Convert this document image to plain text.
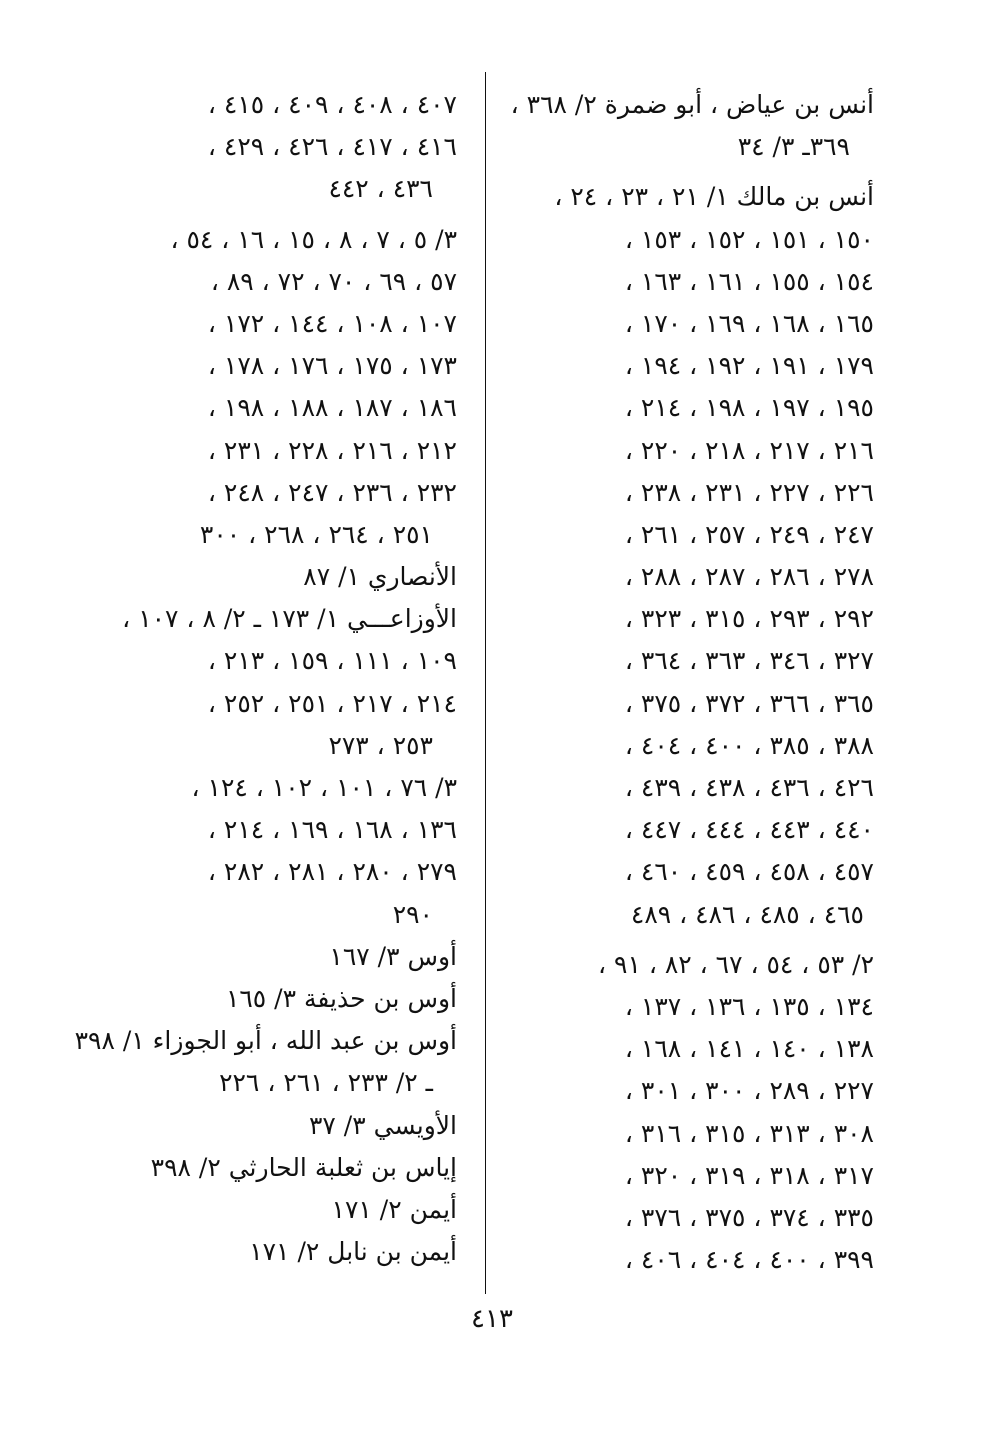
أنس بن عياض ، أبو ضمرة ٢/ ٣٦٨ ،
٣٦٩ـ ٣/ ٣٤
أنس بن مالك ١/ ٢١ ، ٢٣ ، ٢٤ ،
١٥٠ ، ١٥١ ، ١٥٢ ، ١٥٣ ،
١٥٤ ، ١٥٥ ، ١٦١ ، ١٦٣ ،
١٦٥ ، ١٦٨ ، ١٦٩ ، ١٧٠ ،
١٧٩ ، ١٩١ ، ١٩٢ ، ١٩٤ ،
١٩٥ ، ١٩٧ ، ١٩٨ ، ٢١٤ ،
٢١٦ ، ٢١٧ ، ٢١٨ ، ٢٢٠ ،
٢٢٦ ، ٢٢٧ ، ٢٣١ ، ٢٣٨ ،
٢٤٧ ، ٢٤٩ ، ٢٥٧ ، ٢٦١ ،
٢٧٨ ، ٢٨٦ ، ٢٨٧ ، ٢٨٨ ،
٢٩٢ ، ٢٩٣ ، ٣١٥ ، ٣٢٣ ،
٣٢٧ ، ٣٤٦ ، ٣٦٣ ، ٣٦٤ ،
٣٦٥ ، ٣٦٦ ، ٣٧٢ ، ٣٧٥ ،
٣٨٨ ، ٣٨٥ ، ٤٠٠ ، ٤٠٤ ،
٤٢٦ ، ٤٣٦ ، ٤٣٨ ، ٤٣٩ ،
٤٤٠ ، ٤٤٣ ، ٤٤٤ ، ٤٤٧ ،
٤٥٧ ، ٤٥٨ ، ٤٥٩ ، ٤٦٠ ،
٤٦٥ ، ٤٨٥ ، ٤٨٦ ، ٤٨٩
٢/ ٥٣ ، ٥٤ ، ٦٧ ، ٨٢ ، ٩١ ،
١٣٤ ، ١٣٥ ، ١٣٦ ، ١٣٧ ،
١٣٨ ، ١٤٠ ، ١٤١ ، ١٦٨ ،
٢٢٧ ، ٢٨٩ ، ٣٠٠ ، ٣٠١ ،
٣٠٨ ، ٣١٣ ، ٣١٥ ، ٣١٦ ،
٣١٧ ، ٣١٨ ، ٣١٩ ، ٣٢٠ ،
٣٣٥ ، ٣٧٤ ، ٣٧٥ ، ٣٧٦ ،
٣٩٩ ، ٤٠٠ ، ٤٠٤ ، ٤٠٦ ،
٤٠٧ ، ٤٠٨ ، ٤٠٩ ، ٤١٥ ،
٤١٦ ، ٤١٧ ، ٤٢٦ ، ٤٢٩ ،
٤٣٦ ، ٤٤٢
٣/ ٥ ، ٧ ، ٨ ، ١٥ ، ١٦ ، ٥٤ ،
٥٧ ، ٦٩ ، ٧٠ ، ٧٢ ، ٨٩ ،
١٠٧ ، ١٠٨ ، ١٤٤ ، ١٧٢ ،
١٧٣ ، ١٧٥ ، ١٧٦ ، ١٧٨ ،
١٨٦ ، ١٨٧ ، ١٨٨ ، ١٩٨ ،
٢١٢ ، ٢١٦ ، ٢٢٨ ، ٢٣١ ،
٢٣٢ ، ٢٣٦ ، ٢٤٧ ، ٢٤٨ ،
٢٥١ ، ٢٦٤ ، ٢٦٨ ، ٣٠٠
الأنصاري ١/ ٨٧
الأوزاعـــي ١/ ١٧٣ ـ ٢/ ٨ ، ١٠٧ ،
١٠٩ ، ١١١ ، ١٥٩ ، ٢١٣ ،
٢١٤ ، ٢١٧ ، ٢٥١ ، ٢٥٢ ،
٢٥٣ ، ٢٧٣
٣/ ٧٦ ، ١٠١ ، ١٠٢ ، ١٢٤ ،
١٣٦ ، ١٦٨ ، ١٦٩ ، ٢١٤ ،
٢٧٩ ، ٢٨٠ ، ٢٨١ ، ٢٨٢ ،
٢٩٠
أوس ٣/ ١٦٧
أوس بن حذيفة ٣/ ١٦٥
أوس بن عبد الله ، أبو الجوزاء ١/ ٣٩٨
ـ ٢/ ٢٣٣ ، ٢٦١ ، ٢٢٦
الأويسي ٣/ ٣٧
إياس بن ثعلبة الحارثي ٢/ ٣٩٨
أيمن ٢/ ١٧١
أيمن بن نابل ٢/ ١٧١
٤١٣
